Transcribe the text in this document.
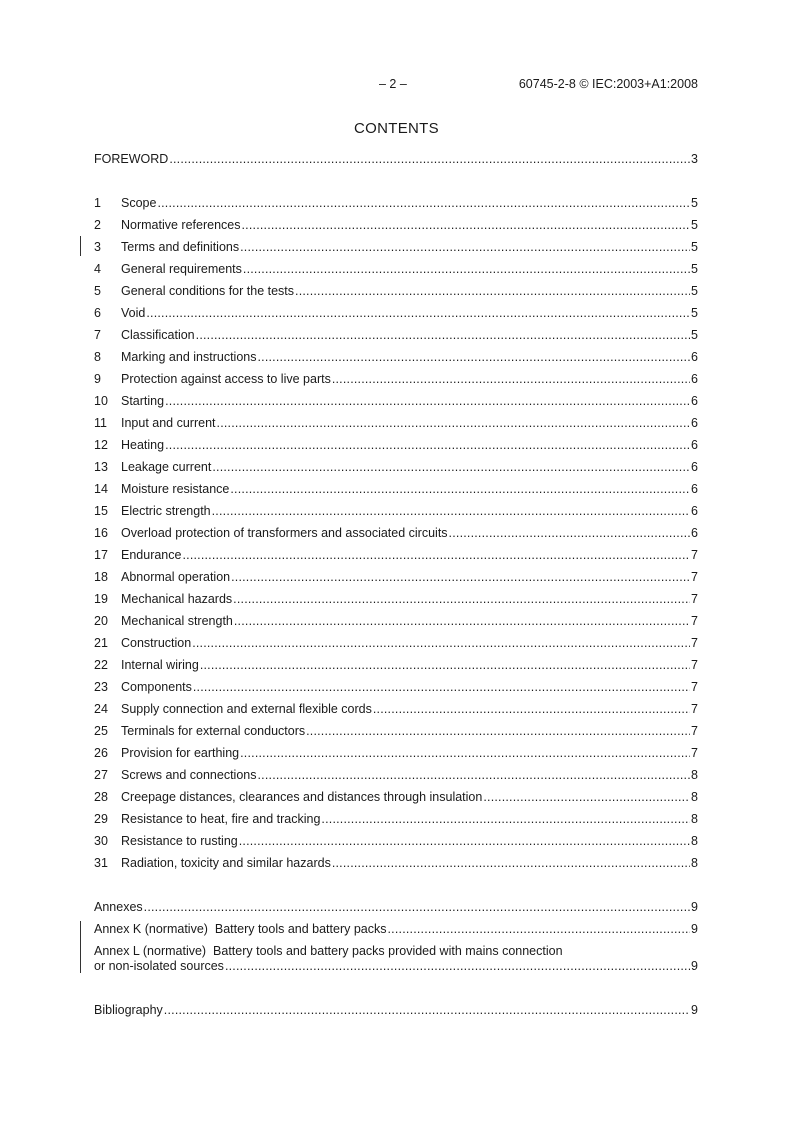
– 2 –	60745-2-8 © IEC:2003+A1:2008
CONTENTS
FOREWORD .....	3
1	Scope .....	5
2	Normative references .....	5
3	Terms and definitions .....	5
4	General requirements .....	5
5	General conditions for the tests .....	5
6	Void .....	5
7	Classification .....	5
8	Marking and instructions .....	6
9	Protection against access to live parts .....	6
10	Starting .....	6
11	Input and current .....	6
12	Heating .....	6
13	Leakage current .....	6
14	Moisture resistance .....	6
15	Electric strength .....	6
16	Overload protection of transformers and associated circuits .....	6
17	Endurance .....	7
18	Abnormal operation .....	7
19	Mechanical hazards .....	7
20	Mechanical strength .....	7
21	Construction .....	7
22	Internal wiring .....	7
23	Components .....	7
24	Supply connection and external flexible cords .....	7
25	Terminals for external conductors .....	7
26	Provision for earthing .....	7
27	Screws and connections .....	8
28	Creepage distances, clearances and distances through insulation .....	8
29	Resistance to heat, fire and tracking .....	8
30	Resistance to rusting .....	8
31	Radiation, toxicity and similar hazards .....	8
Annexes .....	9
Annex K (normative)  Battery tools and battery packs .....	9
Annex L (normative)  Battery tools and battery packs provided with mains connection
or non-isolated sources .....	9
Bibliography .....	9
